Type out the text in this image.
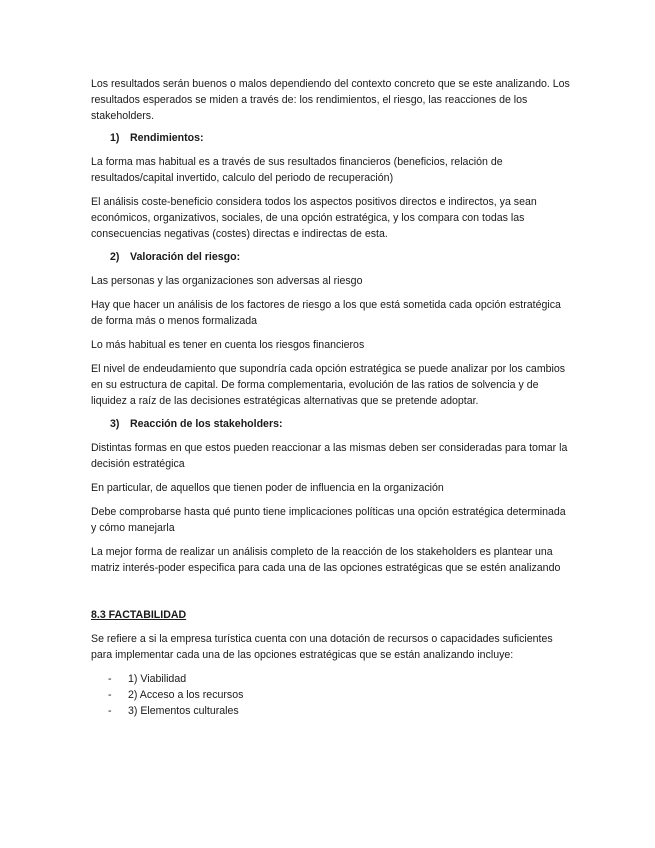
Los resultados serán buenos o malos dependiendo del contexto concreto que se este analizando. Los resultados esperados se miden a través de: los rendimientos, el riesgo, las reacciones de los stakeholders.

1) Rendimientos:

La forma mas habitual es a través de sus resultados financieros (beneficios, relación de resultados/capital invertido, calculo del periodo de recuperación)

El análisis coste-beneficio considera todos los aspectos positivos directos e indirectos, ya sean económicos, organizativos, sociales, de una opción estratégica, y los compara con todas las consecuencias negativas (costes) directas e indirectas de esta.

2) Valoración del riesgo:

Las personas y las organizaciones son adversas al riesgo

Hay que hacer un análisis de los factores de riesgo a los que está sometida cada opción estratégica de forma más o menos formalizada

Lo más habitual es tener en cuenta los riesgos financieros

El nivel de endeudamiento que supondría cada opción estratégica se puede analizar por los cambios en su estructura de capital. De forma complementaria, evolución de las ratios de solvencia y de liquidez a raíz de las decisiones estratégicas alternativas que se pretende adoptar.

3) Reacción de los stakeholders:

Distintas formas en que estos pueden reaccionar a las mismas deben ser consideradas para tomar la decisión estratégica

En particular, de aquellos que tienen poder de influencia en la organización

Debe comprobarse hasta qué punto tiene implicaciones políticas una opción estratégica determinada y cómo manejarla

La mejor forma de realizar un análisis completo de la reacción de los stakeholders es plantear una matriz interés-poder especifica para cada una de las opciones estratégicas que se estén analizando

8.3 FACTABILIDAD

Se refiere a si la empresa turística cuenta con una dotación de recursos o capacidades suficientes para implementar cada una de las opciones estratégicas que se están analizando incluye:

- 1) Viabilidad

- 2) Acceso a los recursos

- 3) Elementos culturales
